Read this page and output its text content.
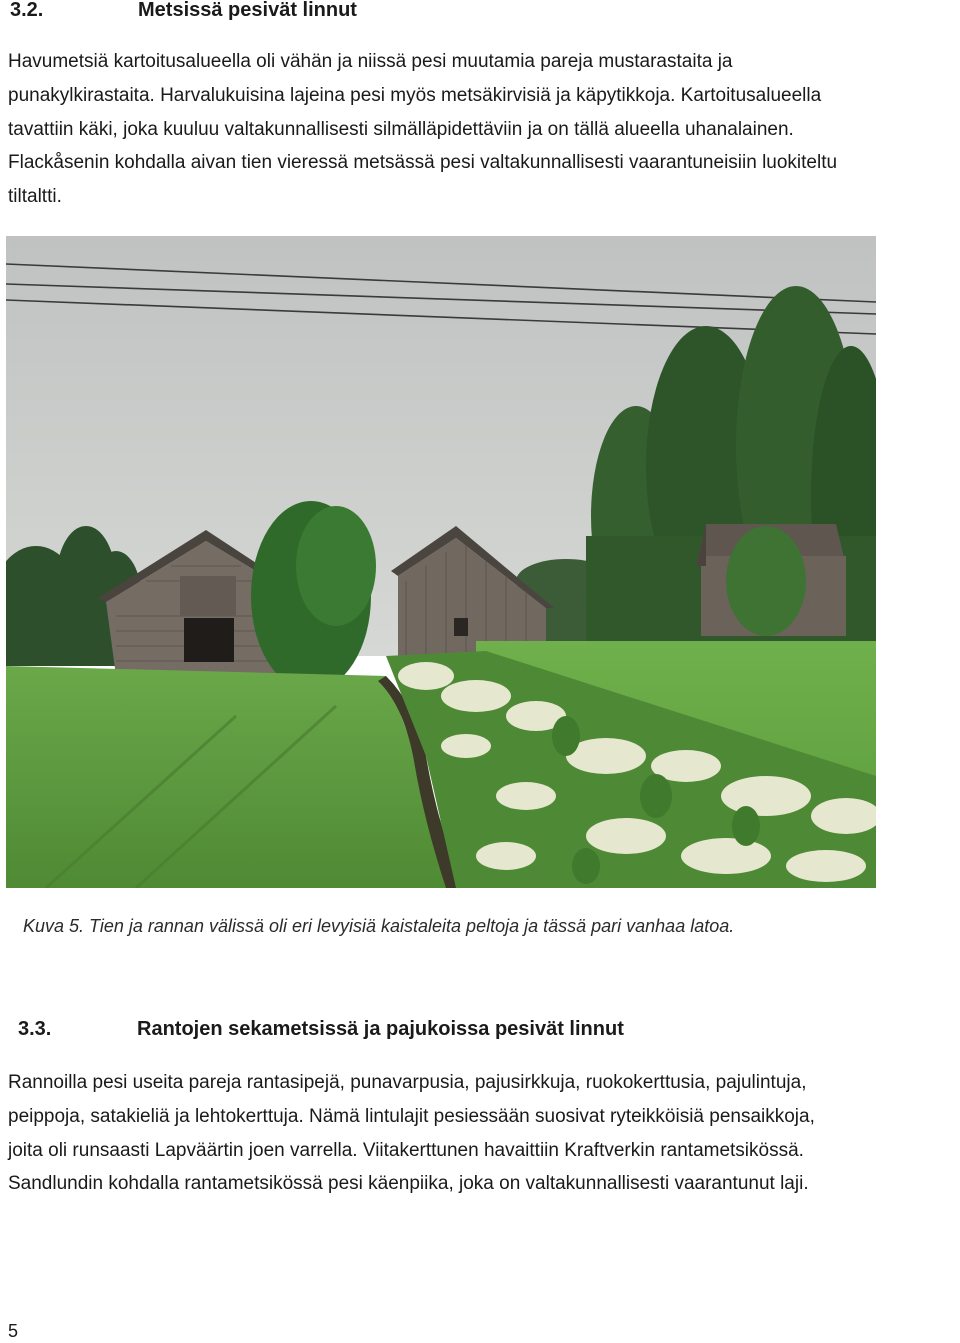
3.2.	Metsissä pesivät linnut
Havumetsiä kartoitusalueella oli vähän ja niissä pesi muutamia pareja mustarastaita ja
punakylkirastaita. Harvalukuisina lajeina pesi myös metsäkirvisiä ja käpytikkoja. Kartoitusalueella
tavattiin käki, joka kuuluu valtakunnallisesti silmälläpidettäviin ja on tällä alueella uhanalainen.
Flackåsenin kohdalla aivan tien vieressä metsässä pesi valtakunnallisesti vaarantuneisiin luokiteltu
tiltaltti.
Kuva 5. Tien ja rannan välissä oli eri levyisiä kaistaleita peltoja ja tässä pari vanhaa latoa.
3.3.	Rantojen sekametsissä ja pajukoissa pesivät linnut
Rannoilla pesi useita pareja rantasipejä, punavarpusia, pajusirkkuja, ruokokerttusia, pajulintuja,
peippoja, satakieliä ja lehtokerttuja. Nämä lintulajit pesiessään suosivat ryteikköisiä pensaikkoja,
joita oli runsaasti Lapväärtin joen varrella. Viitakerttunen havaittiin Kraftverkin rantametsikössä.
Sandlundin kohdalla rantametsikössä pesi käenpiika, joka on valtakunnallisesti vaarantunut laji.
5
